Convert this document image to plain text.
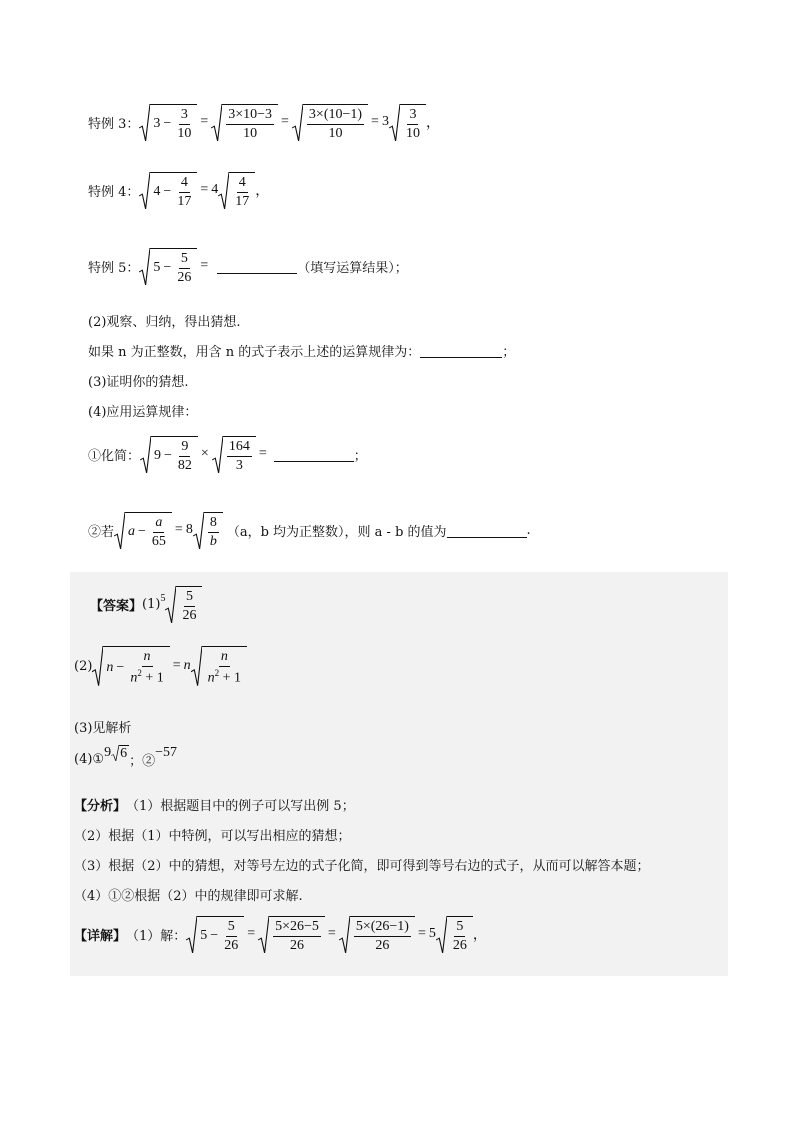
特例 3： $3 - \frac{3}{10} = \frac{3\times 10-3}{10} = \frac{3\times(10-1)}{10} = 3 \frac{3}{10}$ ，
特例 4： $4 - \frac{4}{17} = 4 \frac{4}{17}$ ，
特例 5： $5 - \frac{5}{26}$ =	（填写运算结果）；
(2)观察、归纳，得出猜想.
如果 n 为正整数，用含 n 的式子表示上述的运算规律为：	；
(3)证明你的猜想.
(4)应用运算规律：
①化简： $9 - \frac{9}{82} \times \frac{164}{3}$ =	；
②若 $a - \frac{a}{65} = 8 \frac{8}{b} (a$，b 均为正整数），则 a - b 的值为	.
【答案】 (1) $5 \frac{5}{26}$
(2) $n - \frac{n}{n^2 + 1} = n \frac{n}{n^2 + 1}$
(3)见解析
(4)① 9 6 ；②
−57
【分析】 （1）根据题目中的例子可以写出例 5；
（2）根据（1）中特例，可以写出相应的猜想；
（3）根据（2）中的猜想，对等号左边的式子化简，即可得到等号右边的式子，从而可以解答本题；
（4）①②根据（2）中的规律即可求解.
【详解】 （1）解： $5 - \frac{5}{26} = \frac{5\times 26-5}{26} = \frac{5\times(26-1)}{26} = 5 \frac{5}{26}$ ，
